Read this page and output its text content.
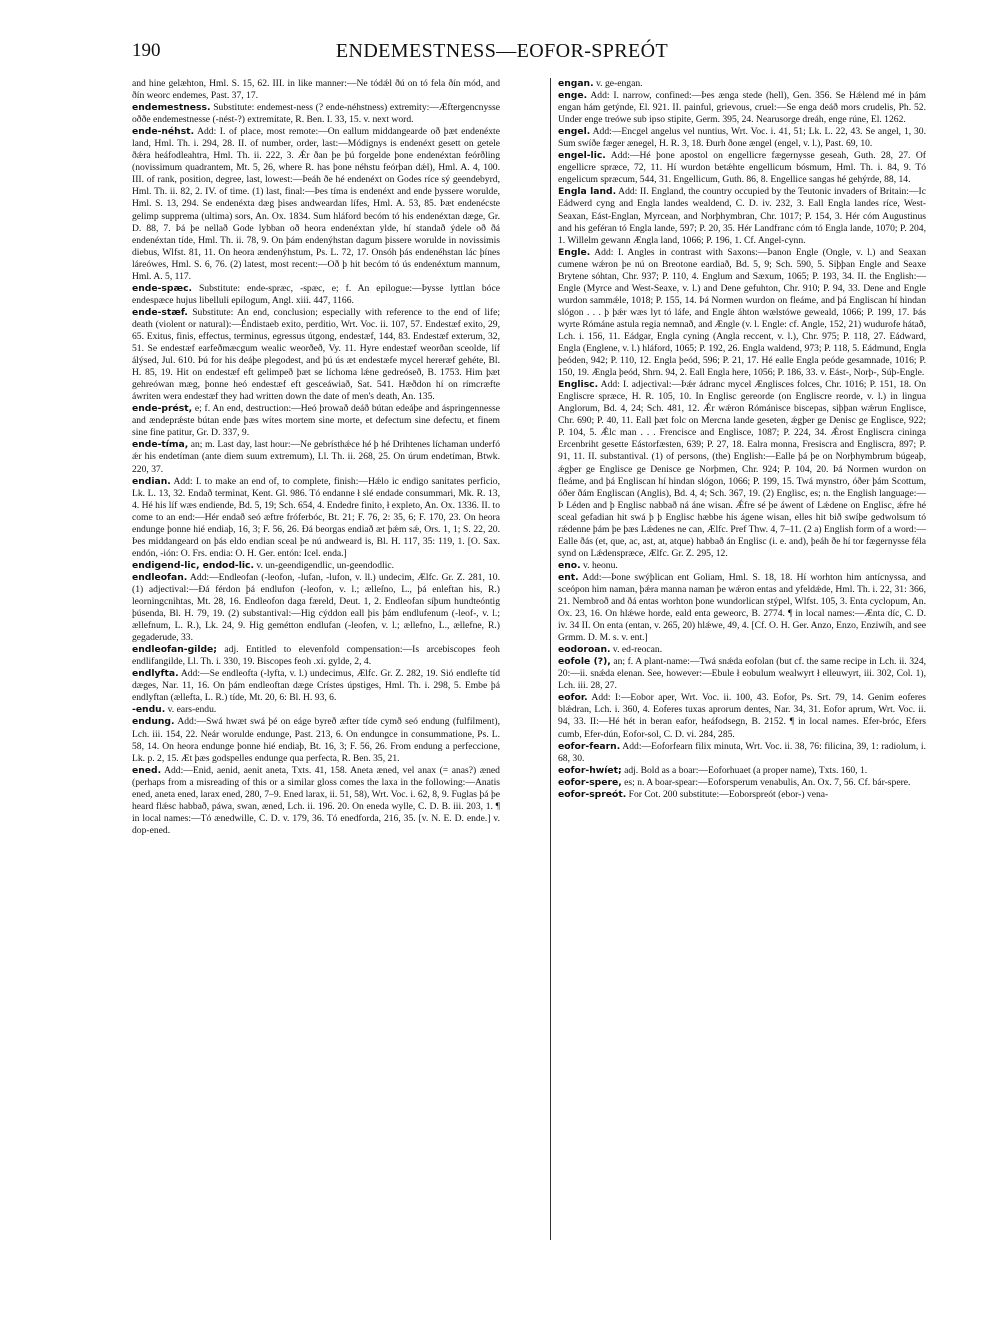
190	ENDEMESTNESS—EOFOR-SPREÓT

and hine gelæhton, Hml. S. 15, 62. III. in like manner:—Ne tódǽl ðú on tó fela ðín mód, and ðín weorc endemes, Past. 37, 17.

endemestness. Substitute: endemest-ness (? ende-néhstness) extremity:—Æftergencnysse oððe endemestnesse (-nést-?) extremitate, R. Ben. I. 33, 15. v. next word.

ende-néhst. Add: I. of place, most remote:—On eallum middangearde oð þæt endenéxte land, Hml. Th. i. 294, 28. II. of number, order, last:—Módignys is endenéxt gesett on getele ðǽra heáfodleahtra, Hml. Th. ii. 222, 3. Ǽr ðan þe þú forgelde þone endenéxtan feórðling (novissimum quadrantem, Mt. 5, 26, where R. has þone néhstu feórþan dǽl), Hml. A. 4, 100. III. of rank, position, degree, last, lowest:—Þeáh ðe hé endenéxt on Godes ríce sý geendebyrd, Hml. Th. ii. 82, 2. IV. of time. (1) last, final:—Þes tíma is endenéxt and ende þyssere worulde, Hml. S. 13, 294. Se endenéxta dæg þises andweardan lífes, Hml. A. 53, 85. Þæt endenécste gelimp suppremа (ultima) sors, An. Ox. 1834. Sum hláford becóm tó his endenéxtan dæge, Gr. D. 88, 7. Þá þe nellað Gode lybban oð heora endenéxtan ylde, hí standað ýdele oð ðá endenéxtan tíde, Hml. Th. ii. 78, 9. On þám endenýhstan dagum þisserе worulde in novissimis diebus, Wlfst. 81, 11. On heora ændenýhstum, Ps. L. 72, 17. Onsóh þás endenéhstan lác þínes láreówes, Hml. S. 6, 76. (2) latest, most recent:—Oð þ hit becóm tó ús endenéxtum mannum, Hml. A. 5, 117.

ende-spæc. Substitute: ende-spræc, -spæc, e; f. An epilogue:—Þysse lyttlan bóce endespæce hujus libelluli epilogum, Angl. xiii. 447, 1166.

ende-stæf. Substitute: An end, conclusion; especially with reference to the end of life; death (violent or natural):—Éndistaeb exito, perditio, Wrt. Voc. ii. 107, 57. Endestæf exito, 29, 65. Exitus, finis, effectus, terminus, egressus útgong, endestæf, 144, 83. Endestæf exterum, 32, 51. Se endestæf earfeðmæcgum wealic weorðeð, Vy. 11. Hyre endestæf weorðan sceolde, líf álýsed, Jul. 610. Þú for his deáþe plegodest, and þú ús æt endestæfe mycel hereræf gehéte, Bl. H. 85, 19. Hit on endestæf eft gelimpeð þæt se líchoma lǽne gedreóseð, B. 1753. Him þæt gehreówan mæg, þonne heó endestæf eft gesceáwiað, Sat. 541. Hæðdon hí on rímcræfte áwriten wera endestæf they had written down the date of men's death, An. 135.

ende-prést, e; f. An end, destruction:—Heó þrowað deáð bútan edeáþe and áspringennesse and ændeprǽste bútan ende þæs wítes mortem sine morte, et defectum sine defectu, et finem sine fine patitur, Gr. D. 337, 9.

ende-tíma, an; m. Last day, last hour:—Ne gebrísthǽce hé þ hé Drihtenes líchaman underfó ǽr his endetíman (ante diem suum extremum), Ll. Th. ii. 268, 25. On úrum endetíman, Btwk. 220, 37.

endian. Add: I. to make an end of, to complete, finish:—Hǽlo ic endigo sanitates perficio, Lk. L. 13, 32. Endað terminat, Kent. Gl. 986. Tó endanne ł slé endade consummari, Mk. R. 13, 4. Hé his líf wæs endiende, Bd. 5, 19; Sch. 654, 4. Endedre finito, ł expleto, An. Ox. 1336. II. to come to an end:—Hér endað seó æftre fróferbóc, Bt. 21; F. 76, 2: 35, 6; F. 170, 23. On heora endunge þonne hié endiaþ, 16, 3; F. 56, 26. Ðá beorgas endiað æt þǽm sǽ, Ors. 1, 1; S. 22, 20. Þes middangeard on þás eldo endian sceal þe nú andweard is, Bl. H. 117, 35: 119, 1. [O. Sax. endón, -ión: O. Frs. endia: O. H. Ger. entón: Icel. enda.]

endigend-lic, endod-lic. v. un-geendigendlic, un-geendodlic.

endleofan. Add:—Endleofan (-leofon, -lufan, -lufon, v. ll.) undecim, Ælfc. Gr. Z. 281, 10. (1) adjectival:—Ðá férdon þá endlufon (-leofon, v. l.; ælleſno, L., þá enleftan his, R.) leorningcnihtas, Mt. 28, 16. Endleofon daga færeld, Deut. 1, 2. Endleofan síþum hundteóntig þúsenda, Bl. H. 79, 19. (2) substantival:—Hig cýddon eall þis þám endlufenum (-leof-, v. l.; ællefnum, L. R.), Lk. 24, 9. Hig gemétton endlufan (-leofen, v. l.; ællefno, L., ællefne, R.) gegaderude, 33.

endleofan-gilde; adj. Entitled to elevenfold compensation:—Is arcebiscopes feoh endlifangilde, Ll. Th. i. 330, 19. Biscopes feoh .xi. gylde, 2, 4.

endlyfta. Add:—Se endleofta (-lyfta, v. l.) undecimus, Ælfc. Gr. Z. 282, 19. Sió endlefte tíd dæges, Nar. 11, 16. On þám endleoftan dæge Crístes úpstiges, Hml. Th. i. 298, 5. Embe þá endlyftan (ællefta, L. R.) tíde, Mt. 20, 6: Bl. H. 93, 6.

-endu. v. ears-endu.

endung. Add:—Swá hwæt swá þé on eáge byreð æfter tíde cymð seó endung (fulfilment), Lch. iii. 154, 22. Neár worulde endunge, Past. 213, 6. On endungce in consummatione, Ps. L. 58, 14. On heora endunge þonne hié endiaþ, Bt. 16, 3; F. 56, 26. From endung a perfeccione, Lk. p. 2, 15. Æt þæs godspelles endunge qua perfecta, R. Ben. 35, 21.

ened. Add:—Enid, aenid, aenit aneta, Txts. 41, 158. Aneta æned, vel anax (= anas?) æned (perhaps from a misreading of this or a similar gloss comes the laxa in the following:—Anatis ened, aneta ened, larax ened, 280, 7–9. Ened larax, ii. 51, 58), Wrt. Voc. i. 62, 8, 9. Fuglas þá þe heard flǽsc habbað, páwa, swan, æned, Lch. ii. 196. 20. On eneda wylle, C. D. B. iii. 203, 1. ¶ in local names:—Tó ænedwille, C. D. v. 179, 36. Tó enedforda, 216, 35. [v. N. E. D. ende.] v. dop-ened.

engan. v. ge-engan.

enge. Add: I. narrow, confined:—Þes ænga stede (hell), Gen. 356. Se Hǽlend mé in þám engan hám getýnde, El. 921. II. painful, grievous, cruel:—Se enga deáð mors crudelis, Ph. 52. Under enge treówe sub ipso stipite, Germ. 395, 24. Nearusorge dreáh, enge rúne, El. 1262.

engel. Add:—Encgel angelus vel nuntius, Wrt. Voc. i. 41, 51; Lk. L. 22, 43. Se angel, 1, 30. Sum swíðe fæger ænegel, H. R. 3, 18. Ðurh ðone ængel (engel, v. l.), Past. 69, 10.

engel-lic. Add:—Hé þone apostol on engellicre fægernysse geseah, Guth. 28, 27. Of engellicre spræce, 72, 11. Hí wurdon betǽhte engellicum bósmum, Hml. Th. i. 84, 9. Tó engelicum spræcum, 544, 31. Engellicum, Guth. 86, 8. Engellicе sangas hé gehýrde, 88, 14.

Engla land. Add: II. England, the country occupied by the Teutonic invaders of Britain:—Ic Eádwerd cyng and Engla landes wealdend, C. D. iv. 232, 3. Eall Engla landes ríce, West-Seaxan, Eást-Englan, Myrcean, and Norþhymbran, Chr. 1017; P. 154, 3. Hér cóm Augustinus and his geféran tó Engla lande, 597; P. 20, 35. Hér Landfranc cóm tó Engla lande, 1070; P. 204, 1. Willelm gewann Ængla land, 1066; P. 196, 1. Cf. Angel-cynn.

Engle. Add: I. Angles in contrast with Saxons:—Þanon Engle (Ongle, v. l.) and Seaxan cumene wǽron þe nú on Breotone eardiað, Bd. 5, 9; Sch. 590, 5. Siþþan Engle and Seaxe Brytene sóhtan, Chr. 937; P. 110, 4. Englum and Sæxum, 1065; P. 193, 34. II. the English:—Engle (Myrce and West-Seaxe, v. l.) and Dene gefuhton, Chr. 910; P. 94, 33. Dene and Engle wurdon sammǽle, 1018; P. 155, 14. Þá Normen wurdon on fleáme, and þá Engliscan hí hindan slógon . . . þ þǽr wæs lyt tó láfe, and Engle áhton wælstówe geweald, 1066; P. 199, 17. Þás wyrte Rómáne astula regia nemnað, and Ængle (v. l. Engle: cf. Angle, 152, 21) wudurofe hátað, Lch. i. 156, 11. Eádgar, Engla cyning (Angla reccent, v. l.), Chr. 975; P. 118, 27. Eádward, Engla (Englene, v. l.) hláford, 1065; P. 192, 26. Engla waldend, 973; P. 118, 5. Eádmund, Engla þeóden, 942; P. 110, 12. Engla þeód, 596; P. 21, 17. Hé ealle Engla peóde gesamnade, 1016; P. 150, 19. Ængla þeód, Shrn. 94, 2. Eall Engla here, 1056; P. 186, 33. v. Eást-, Norþ-, Súþ-Engle.

Englisc. Add: I. adjectival:—Þǽr ádranc mycel Ænglisces folces, Chr. 1016; P. 151, 18. On Engliscre spræce, H. R. 105, 10. In Englisc gereorde (on Engliscre reorde, v. l.) in lingua Anglorum, Bd. 4, 24; Sch. 481, 12. Ǽr wǽron Rómánisce biscepas, siþþan wǽrun Englisce, Chr. 690; P. 40, 11. Eall þæt folc on Mercna lande geseten, ǽgþer ge Denisc ge Englisce, 922; P. 104, 5. Ǽlc man . . . Frencisce and Englisce, 1087; P. 224, 34. Ǽrost Engliscra cininga Ercenbriht gesette Eástorfæsten, 639; P. 27, 18. Ealra monna, Fresisсra and Engliscra, 897; P. 91, 11. II. substantival. (1) of persons, (the) English:—Ealle þá þe on Norþhymbrum búgeaþ, ǽgþer ge Englisce ge Denisce ge Norþmen, Chr. 924; P. 104, 20. Þá Normen wurdon on fleáme, and þá Engliscan hí hindan slógon, 1066; P. 199, 15. Twá mynstro, óðer þám Scottum, óðer ðám Engliscan (Anglis), Bd. 4, 4; Sch. 367, 19. (2) Englisc, es; n. the English language:—Þ Léden and þ Englisc nabbað ná áne wisan. Ǽfre sé þe áwent of Lǽdene on Englisc, ǽfre hé sceal gefadian hit swá þ þ Englisc hæbbe his ágene wisan, elles hit bið swíþe gedwolsum tó rǽdenne þám þe þæs Lǽdenes ne can, Ælfc. Pref Thw. 4, 7–11. (2 a) English form of a word:—Ealle ðás (et, que, ac, ast, at, atque) habbað án Englisc (i. e. and), þeáh ðe hí tor fægernysse féla synd on Lǽdenspræce, Ælfc. Gr. Z. 295, 12.

eno. v. heonu.

ent. Add:—Þone swýþlican ent Goliam, Hml. S. 18, 18. Hí worhton him antícnyssa, and sceópon him naman, þǽra manna naman þe wǽron entas and yfeldǽde, Hml. Th. i. 22, 31: 366, 21. Nembroð and ðá entas worhton þone wundorlican stýpel, Wlfst. 105, 3. Enta cyclopum, An. Ox. 23, 16. On hlǽwe horde, eald enta geweorc, B. 2774. ¶ in local names:—Ænta díc, C. D. iv. 34 II. On enta (entan, v. 265, 20) hlǽwe, 49, 4. [Cf. O. H. Ger. Anzo, Enzo, Enziwíh, and see Grmm. D. M. s. v. ent.]

eodoroan. v. ed-reocan.

eofole (?), an; f. A plant-name:—Twá snǽda eofolan (but cf. the same recipe in Lch. ii. 324, 20:—ii. snǽda elenan. See, however:—Ebule ł eobulum wealwyrt ł elleuwyrt, iii. 302, Col. 1), Lch. iii. 28, 27.

eofor. Add: I:—Eobor aper, Wrt. Voc. ii. 100, 43. Eofor, Ps. Srt. 79, 14. Genim eoferes blǽdran, Lch. i. 360, 4. Eoferes tuxas aprorum dentes, Nar. 34, 31. Eofor aprum, Wrt. Voc. ii. 94, 33. II:—Hé hét in beran eafor, heáfodsegn, B. 2152. ¶ in local names. Efer-bróc, Efers cumb, Efer-dún, Eofor-sol, C. D. vi. 284, 285.

eofor-fearn. Add:—Eoforfearn filix minuta, Wrt. Voc. ii. 38, 76: filicina, 39, 1: radiolum, i. 68, 30.

eofor-hwíet; adj. Bold as a boar:—Eoforhuaet (a proper name), Txts. 160, 1.

eofor-spere, es; n. A boar-spear:—Eoforsperum venabulis, An. Ox. 7, 56. Cf. bár-spere.

eofor-spreót. For Cot. 200 substitute:—Eoborspreót (ebor-) vena-
